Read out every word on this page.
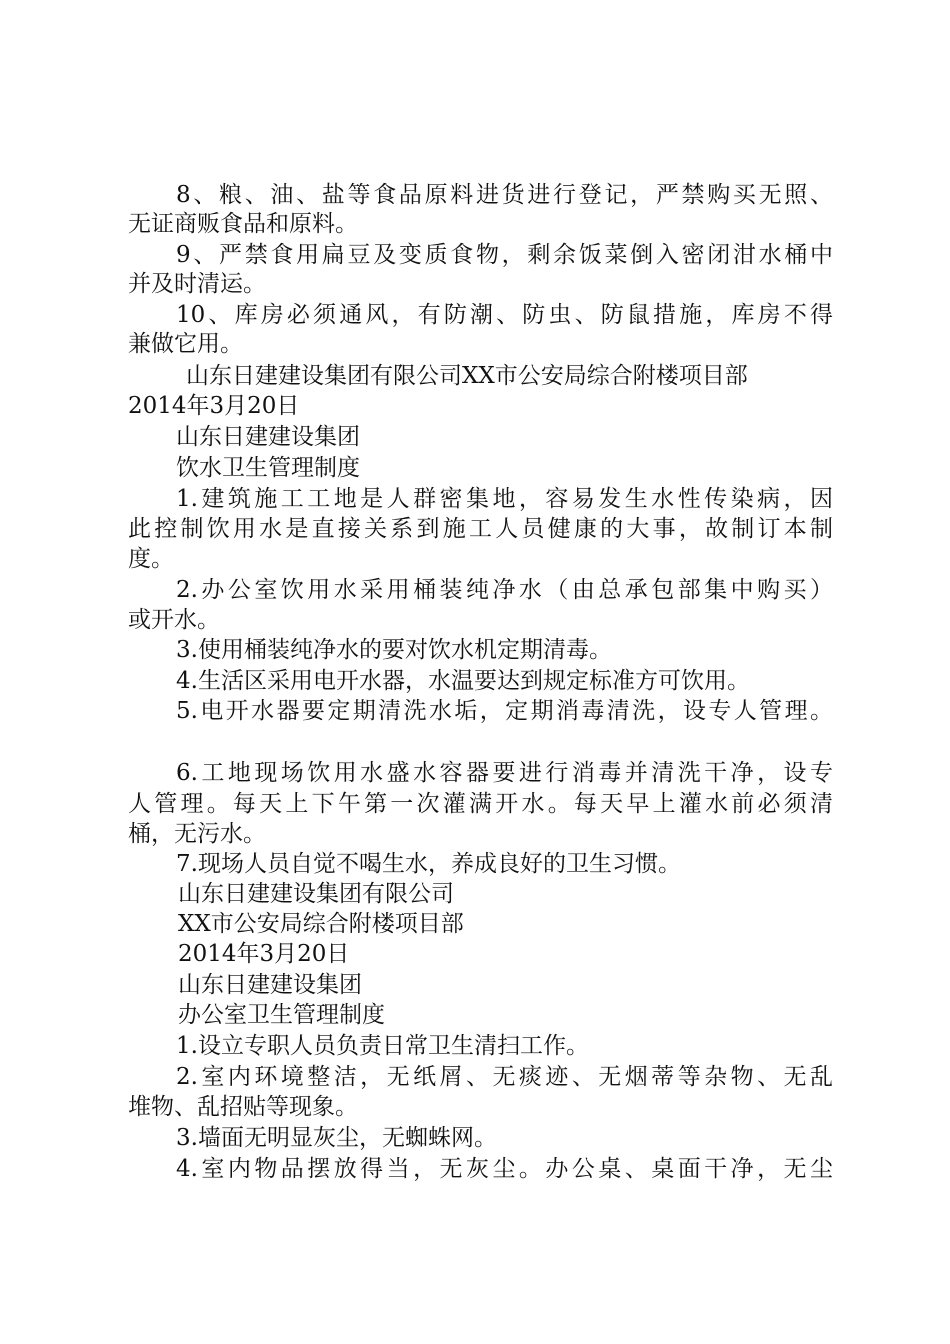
8、粮、油、盐等食品原料进货进行登记，严禁购买无照、

无证商贩食品和原料。

9、严禁食用扁豆及变质食物，剩余饭菜倒入密闭泔水桶中

并及时清运。

10、库房必须通风，有防潮、防虫、防鼠措施，库房不得

兼做它用。

山东日建建设集团有限公司XX市公安局综合附楼项目部

2014年3月20日

山东日建建设集团

饮水卫生管理制度

1.建筑施工工地是人群密集地，容易发生水性传染病，因

此控制饮用水是直接关系到施工人员健康的大事，故制订本制

度。

2.办公室饮用水采用桶装纯净水（由总承包部集中购买）

或开水。

3.使用桶装纯净水的要对饮水机定期清毒。

4.生活区采用电开水器，水温要达到规定标准方可饮用。

5.电开水器要定期清洗水垢，定期消毒清洗，设专人管理。

6.工地现场饮用水盛水容器要进行消毒并清洗干净，设专

人管理。每天上下午第一次灌满开水。每天早上灌水前必须清

桶，无污水。

7.现场人员自觉不喝生水，养成良好的卫生习惯。

山东日建建设集团有限公司

XX市公安局综合附楼项目部

2014年3月20日

山东日建建设集团

办公室卫生管理制度

1.设立专职人员负责日常卫生清扫工作。

2.室内环境整洁，无纸屑、无痰迹、无烟蒂等杂物、无乱

堆物、乱招贴等现象。

3.墙面无明显灰尘，无蜘蛛网。

4.室内物品摆放得当，无灰尘。办公桌、桌面干净，无尘
